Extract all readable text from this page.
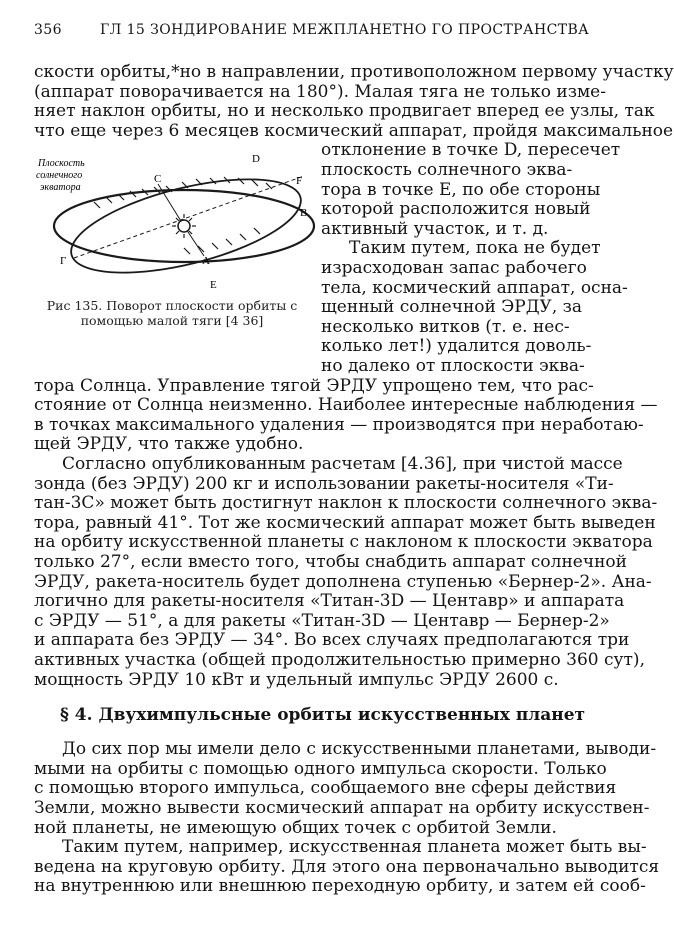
356	ГЛ 15 ЗОНДИРОВАНИЕ МЕЖПЛАНЕТНО ГО ПРОСТРАНСТВА
скости орбиты,*но в направлении, противоположном первому участку
(аппарат поворачивается на 180°). Малая тяга не только изме-
няет наклон орбиты, но и несколько продвигает вперед ее узлы, так
что еще через 6 месяцев космический аппарат, пройдя максимальное
Плоскость солнечного экватора
C
D
F
B
A
E
Г
Рис 135. Поворот плоскости орбиты с помощью малой тяги [4 36]
отклонение в точке D, пересечет
плоскость солнечного эква-
тора в точке E, по обе стороны
которой расположится новый
активный участок, и т. д.
Таким путем, пока не будет
израсходован запас рабочего
тела, космический аппарат, осна-
щенный солнечной ЭРДУ, за
несколько витков (т. е. нес-
колько лет!) удалится доволь-
но далеко от плоскости эква-
тора Солнца. Управление тягой ЭРДУ упрощено тем, что рас-
стояние от Солнца неизменно. Наиболее интересные наблюдения —
в точках максимального удаления — производятся при неработаю-
щей ЭРДУ, что также удобно.
Согласно опубликованным расчетам [4.36], при чистой массе
зонда (без ЭРДУ) 200 кг и использовании ракеты-носителя «Ти-
тан-3С» может быть достигнут наклон к плоскости солнечного эква-
тора, равный 41°. Тот же космический аппарат может быть выведен
на орбиту искусственной планеты с наклоном к плоскости экватора
только 27°, если вместо того, чтобы снабдить аппарат солнечной
ЭРДУ, ракета-носитель будет дополнена ступенью «Бернер-2». Ана-
логично для ракеты-носителя «Титан-3D — Центавр» и аппарата
с ЭРДУ — 51°, а для ракеты «Титан-3D — Центавр — Бернер-2»
и аппарата без ЭРДУ — 34°. Во всех случаях предполагаются три
активных участка (общей продолжительностью примерно 360 сут),
мощность ЭРДУ 10 кВт и удельный импульс ЭРДУ 2600 с.
§ 4. Двухимпульсные орбиты искусственных планет
До сих пор мы имели дело с искусственными планетами, выводи-
мыми на орбиты с помощью одного импульса скорости. Только
с помощью второго импульса, сообщаемого вне сферы действия
Земли, можно вывести космический аппарат на орбиту искусствен-
ной планеты, не имеющую общих точек с орбитой Земли.
Таким путем, например, искусственная планета может быть вы-
ведена на круговую орбиту. Для этого она первоначально выводится
на внутреннюю или внешнюю переходную орбиту, и затем ей сооб-
